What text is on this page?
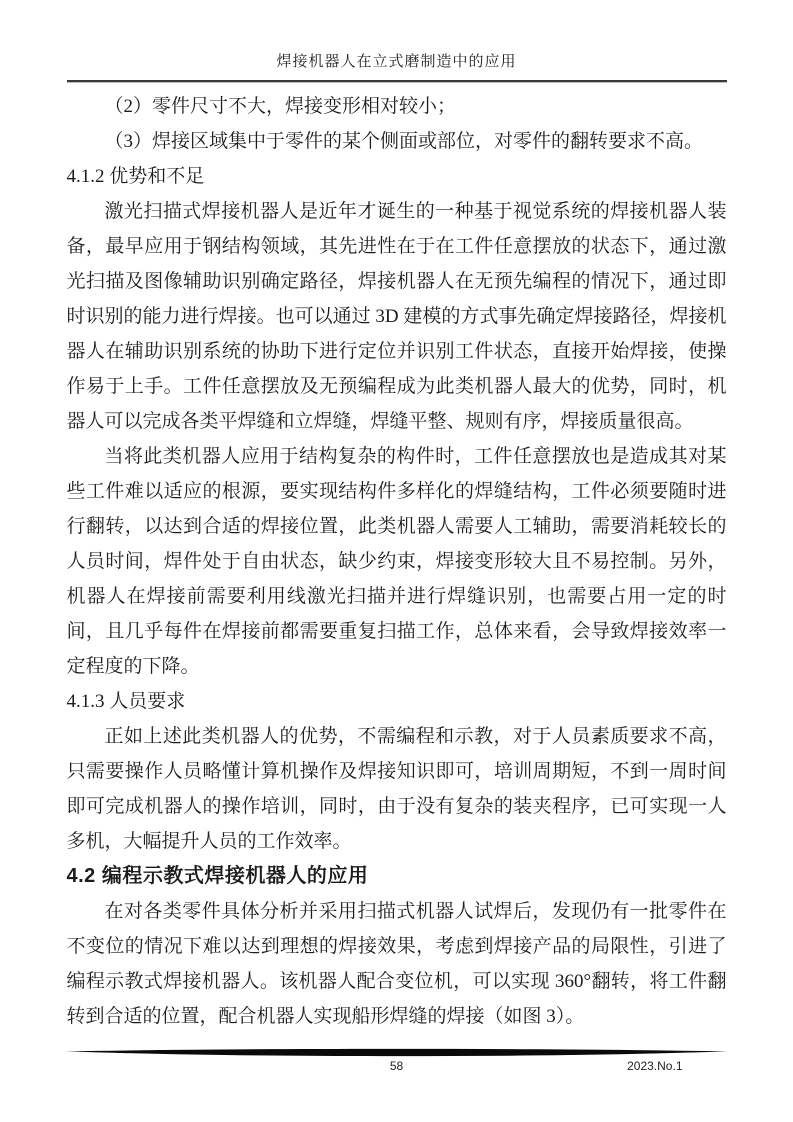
焊接机器人在立式磨制造中的应用

（2）零件尺寸不大，焊接变形相对较小；

（3）焊接区域集中于零件的某个侧面或部位，对零件的翻转要求不高。

4.1.2 优势和不足

激光扫描式焊接机器人是近年才诞生的一种基于视觉系统的焊接机器人装备，最早应用于钢结构领域，其先进性在于在工件任意摆放的状态下，通过激光扫描及图像辅助识别确定路径，焊接机器人在无预先编程的情况下，通过即时识别的能力进行焊接。也可以通过 3D 建模的方式事先确定焊接路径，焊接机器人在辅助识别系统的协助下进行定位并识别工件状态，直接开始焊接，使操作易于上手。工件任意摆放及无预编程成为此类机器人最大的优势，同时，机器人可以完成各类平焊缝和立焊缝，焊缝平整、规则有序，焊接质量很高。

当将此类机器人应用于结构复杂的构件时，工件任意摆放也是造成其对某些工件难以适应的根源，要实现结构件多样化的焊缝结构，工件必须要随时进行翻转，以达到合适的焊接位置，此类机器人需要人工辅助，需要消耗较长的人员时间，焊件处于自由状态，缺少约束，焊接变形较大且不易控制。另外，机器人在焊接前需要利用线激光扫描并进行焊缝识别，也需要占用一定的时间，且几乎每件在焊接前都需要重复扫描工作，总体来看，会导致焊接效率一定程度的下降。

4.1.3 人员要求

正如上述此类机器人的优势，不需编程和示教，对于人员素质要求不高，只需要操作人员略懂计算机操作及焊接知识即可，培训周期短，不到一周时间即可完成机器人的操作培训，同时，由于没有复杂的装夹程序，已可实现一人多机，大幅提升人员的工作效率。

4.2 编程示教式焊接机器人的应用

在对各类零件具体分析并采用扫描式机器人试焊后，发现仍有一批零件在不变位的情况下难以达到理想的焊接效果，考虑到焊接产品的局限性，引进了编程示教式焊接机器人。该机器人配合变位机，可以实现 360°翻转，将工件翻转到合适的位置，配合机器人实现船形焊缝的焊接（如图 3）。

58	2023.No.1
